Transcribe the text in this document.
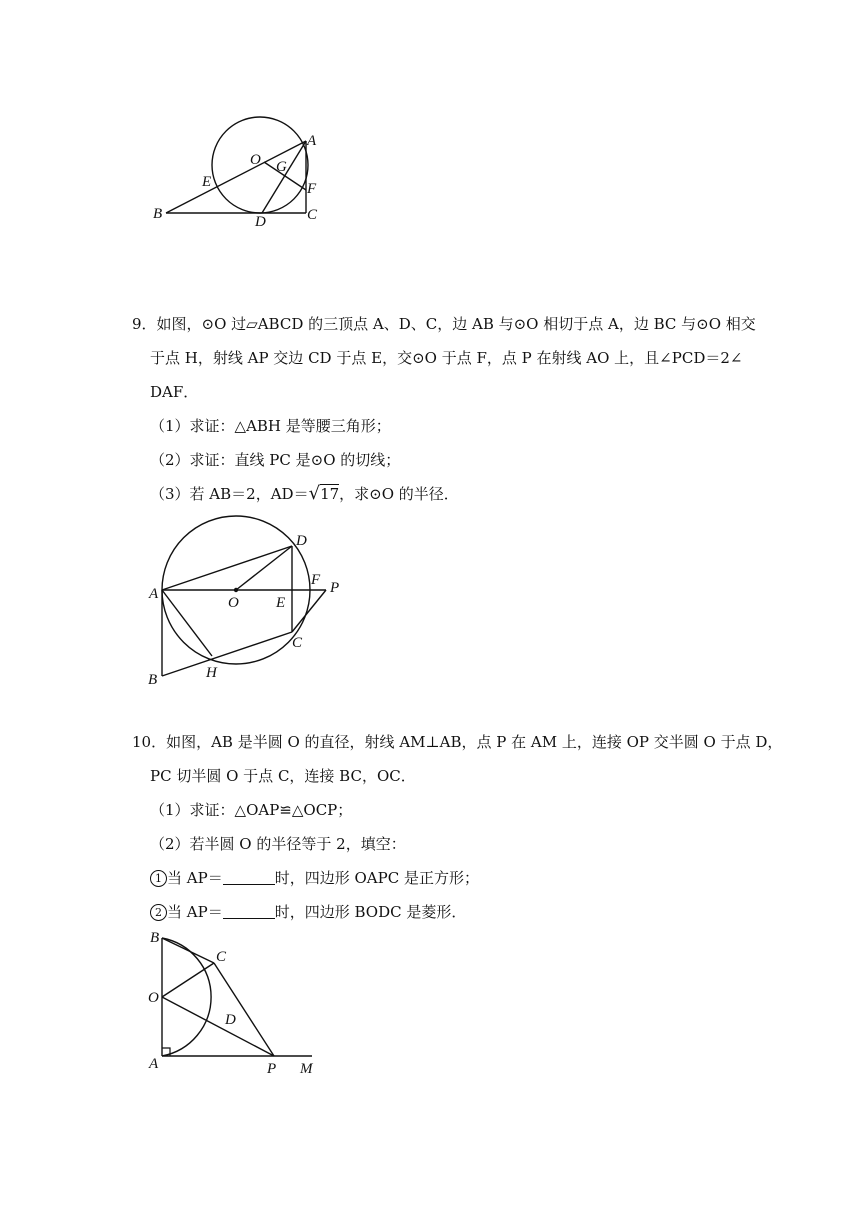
A
O G
E	F
B	D	C
9．如图，⊙O 过▱ABCD 的三顶点 A、D、C，边 AB 与⊙O 相切于点 A，边 BC 与⊙O 相交
于点 H，射线 AP 交边 CD 于点 E，交⊙O 于点 F，点 P 在射线 AO 上，且∠PCD＝2∠
DAF．
（1）求证：△ABH 是等腰三角形；
（2）求证：直线 PC 是⊙O 的切线；
（3）若 AB＝2，AD＝√17，求⊙O 的半径．
D
F P
A
O E
C
H
B
10．如图，AB 是半圆 O 的直径，射线 AM⊥AB，点 P 在 AM 上，连接 OP 交半圆 O 于点 D，
PC 切半圆 O 于点 C，连接 BC，OC．
（1）求证：△OAP≌△OCP；
（2）若半圆 O 的半径等于 2，填空：
1 当 AP＝	时，四边形 OAPC 是正方形；
2 当 AP＝	时，四边形 BODC 是菱形．
B
C
O
D
A	P M
